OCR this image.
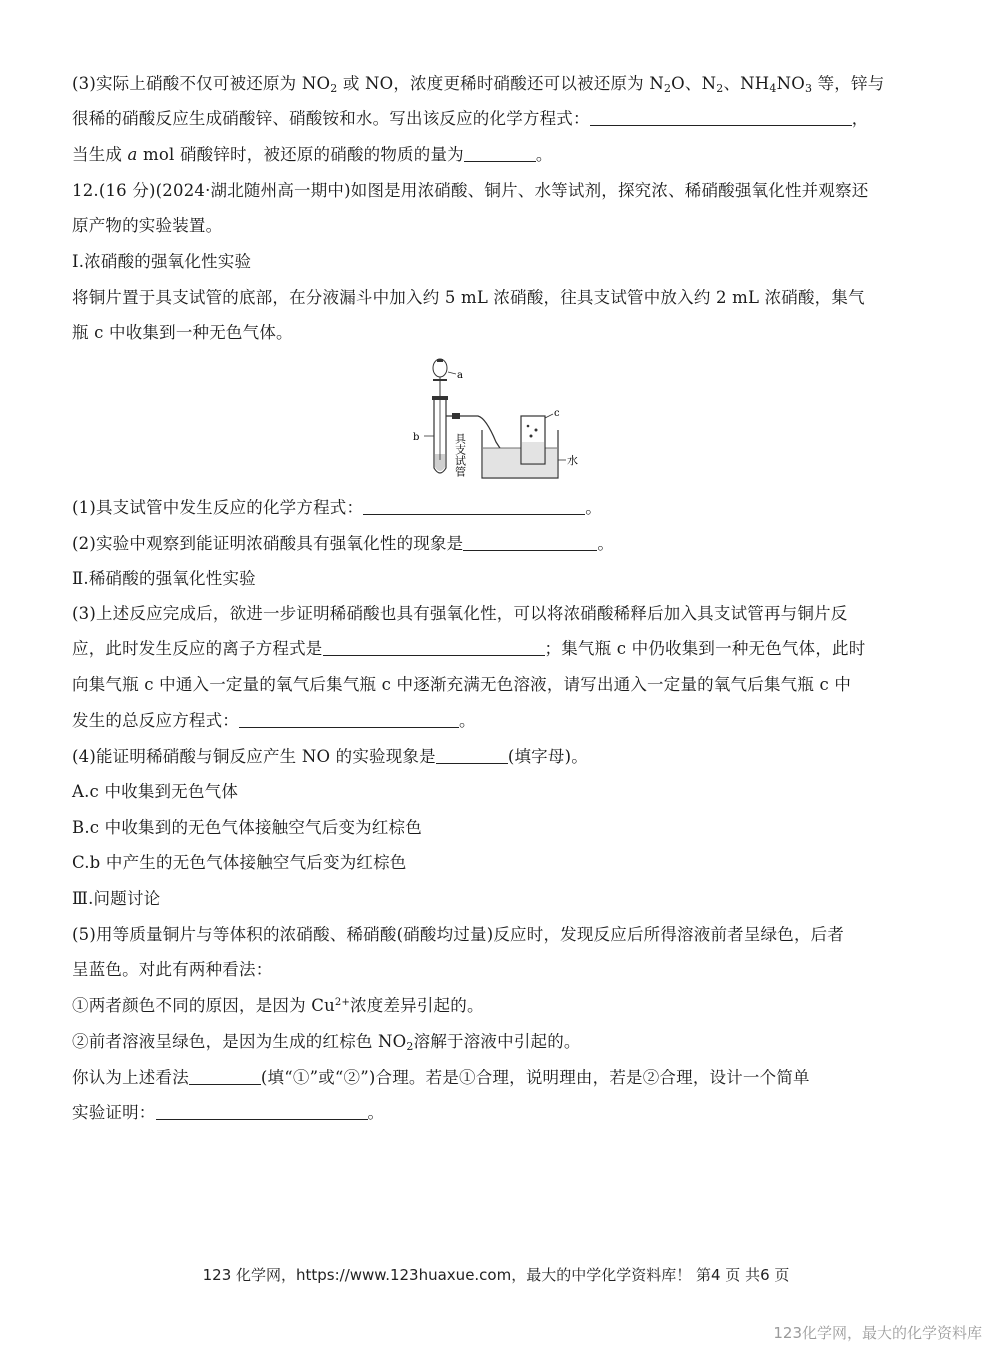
(3)实际上硝酸不仅可被还原为 $NO_2$ 或 NO，浓度更稀时硝酸还可以被还原为 $N_2O$、$N_2$、$NH_4NO_3$ 等，锌与
很稀的硝酸反应生成硝酸锌、硝酸铵和水。写出该反应的化学方程式：	，
当生成 a mol 硝酸锌时，被还原的硝酸的物质的量为	。
12.(16 分)(2024·湖北随州高一期中)如图是用浓硝酸、铜片、水等试剂，探究浓、稀硝酸强氧化性并观察还
原产物的实验装置。
Ⅰ.浓硝酸的强氧化性实验
将铜片置于具支试管的底部，在分液漏斗中加入约 5 mL 浓硝酸，往具支试管中放入约 2 mL 浓硝酸，集气
瓶 c 中收集到一种无色气体。
a
b	具支试管
c
水
(1)具支试管中发生反应的化学方程式：	。
(2)实验中观察到能证明浓硝酸具有强氧化性的现象是	。
Ⅱ.稀硝酸的强氧化性实验
(3)上述反应完成后，欲进一步证明稀硝酸也具有强氧化性，可以将浓硝酸稀释后加入具支试管再与铜片反
应，此时发生反应的离子方程式是	；集气瓶 c 中仍收集到一种无色气体，此时
向集气瓶 c 中通入一定量的氧气后集气瓶 c 中逐渐充满无色溶液，请写出通入一定量的氧气后集气瓶 c 中
发生的总反应方程式：	。
(4)能证明稀硝酸与铜反应产生 NO 的实验现象是	(填字母)。
A.c 中收集到无色气体
B.c 中收集到的无色气体接触空气后变为红棕色
C.b 中产生的无色气体接触空气后变为红棕色
Ⅲ.问题讨论
(5)用等质量铜片与等体积的浓硝酸、稀硝酸(硝酸均过量)反应时，发现反应后所得溶液前者呈绿色，后者
呈蓝色。对此有两种看法：
①两者颜色不同的原因，是因为 $Cu^{2+}$浓度差异引起的。
②前者溶液呈绿色，是因为生成的红棕色 $NO_2$溶解于溶液中引起的。
你认为上述看法	(填“①”或“②”)合理。若是①合理，说明理由，若是②合理，设计一个简单
实验证明：	。
123 化学网，https://www.123huaxue.com，最大的中学化学资料库！ 第4 页 共6 页
123化学网，最大的化学资料库
